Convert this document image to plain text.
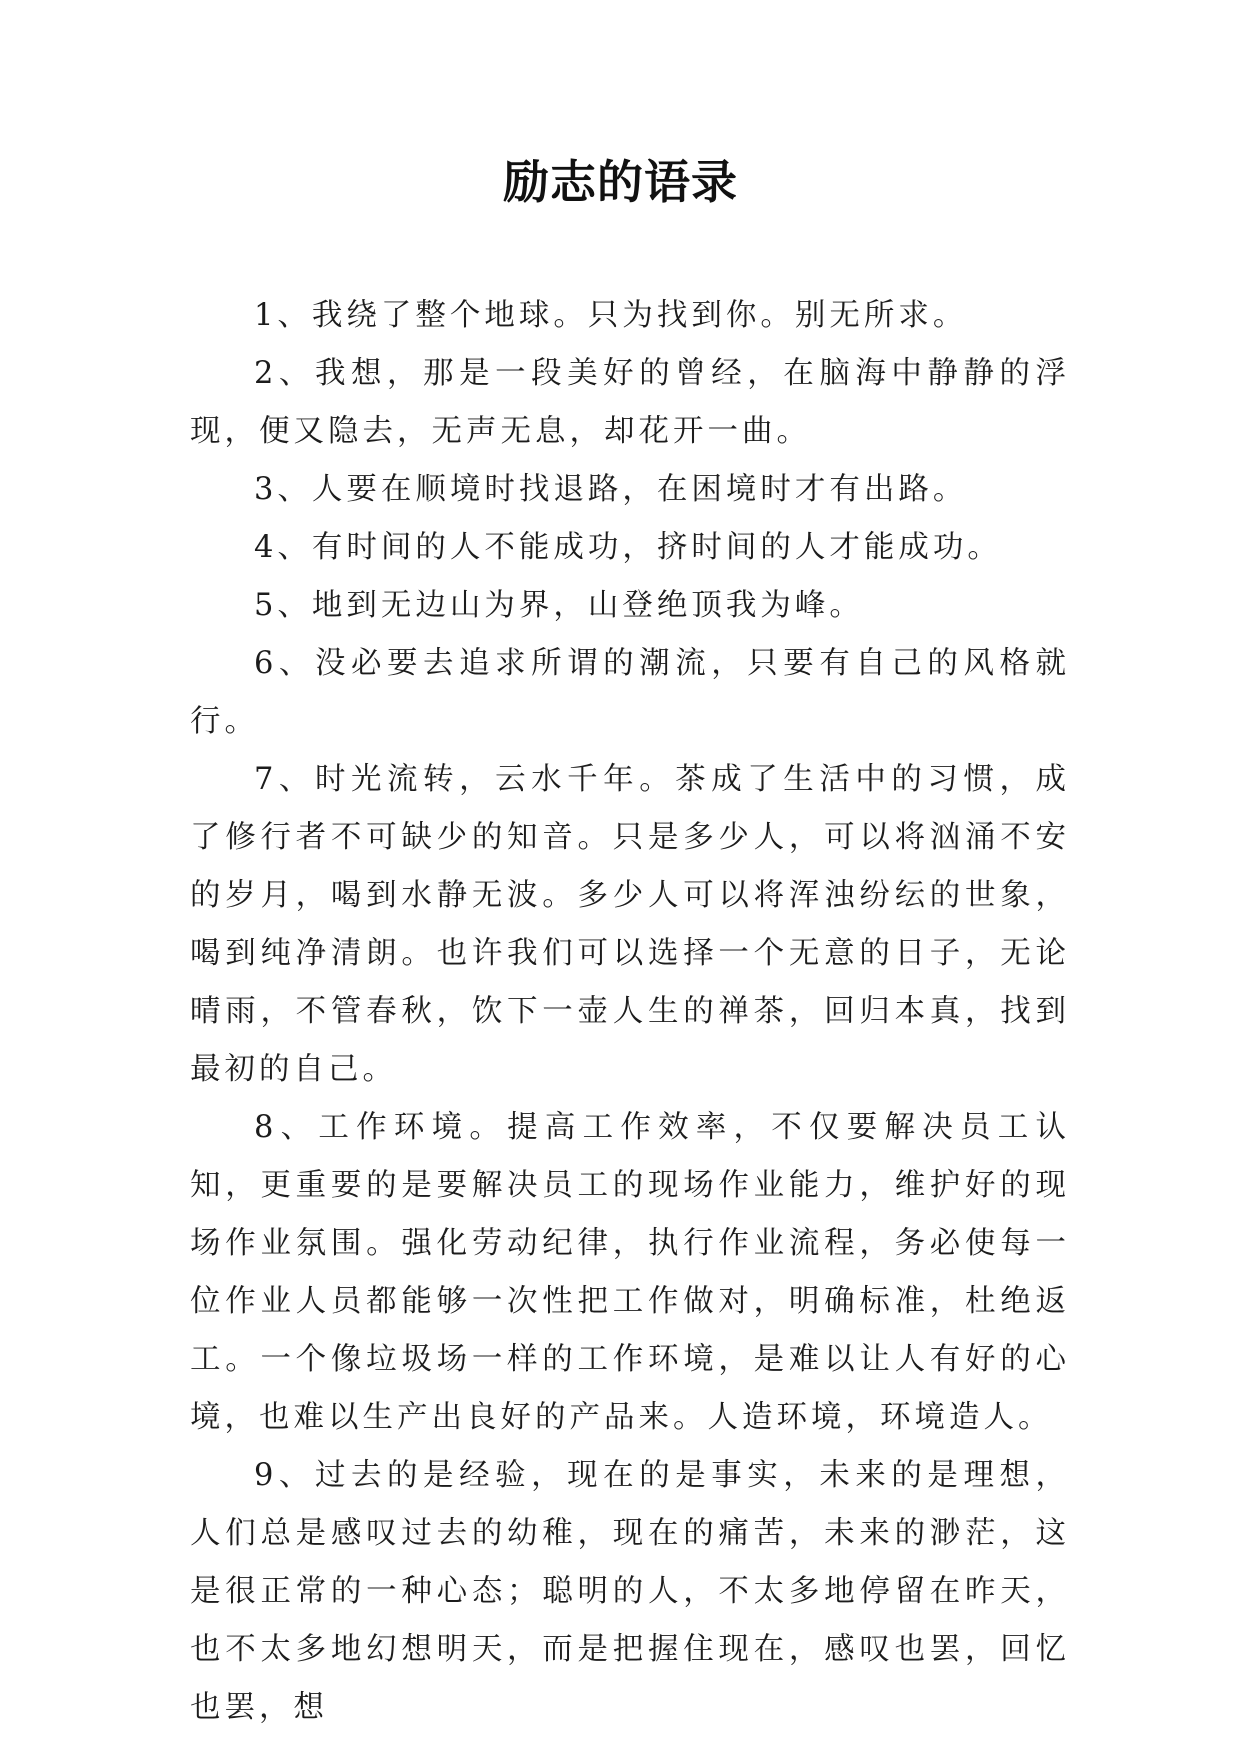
励志的语录

1、我绕了整个地球。只为找到你。别无所求。

2、我想，那是一段美好的曾经，在脑海中静静的浮现，便又隐去，无声无息，却花开一曲。

3、人要在顺境时找退路，在困境时才有出路。

4、有时间的人不能成功，挤时间的人才能成功。

5、地到无边山为界，山登绝顶我为峰。

6、没必要去追求所谓的潮流，只要有自己的风格就行。

7、时光流转，云水千年。茶成了生活中的习惯，成了修行者不可缺少的知音。只是多少人，可以将汹涌不安的岁月，喝到水静无波。多少人可以将浑浊纷纭的世象，喝到纯净清朗。也许我们可以选择一个无意的日子，无论晴雨，不管春秋，饮下一壶人生的禅茶，回归本真，找到最初的自己。

8、工作环境。提高工作效率，不仅要解决员工认知，更重要的是要解决员工的现场作业能力，维护好的现场作业氛围。强化劳动纪律，执行作业流程，务必使每一位作业人员都能够一次性把工作做对，明确标准，杜绝返工。一个像垃圾场一样的工作环境，是难以让人有好的心境，也难以生产出良好的产品来。人造环境，环境造人。

9、过去的是经验，现在的是事实，未来的是理想，人们总是感叹过去的幼稚，现在的痛苦，未来的渺茫，这是很正常的一种心态；聪明的人，不太多地停留在昨天，也不太多地幻想明天，而是把握住现在，感叹也罢，回忆也罢，想
